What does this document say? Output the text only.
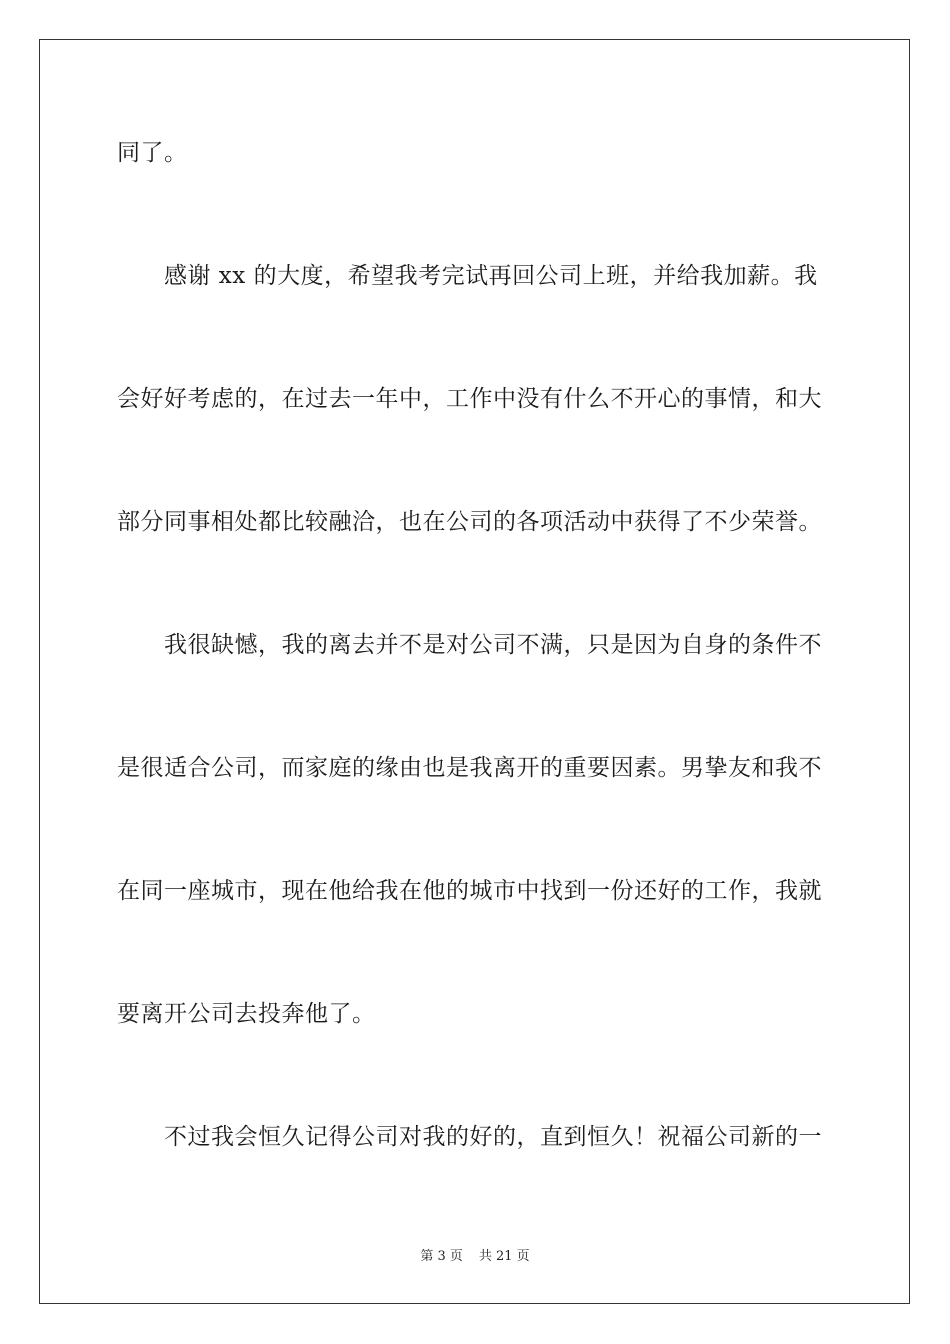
同了。
感谢 xx 的大度，希望我考完试再回公司上班，并给我加薪。我
会好好考虑的，在过去一年中，工作中没有什么不开心的事情，和大
部分同事相处都比较融洽，也在公司的各项活动中获得了不少荣誉。
我很缺憾，我的离去并不是对公司不满，只是因为自身的条件不
是很适合公司，而家庭的缘由也是我离开的重要因素。男挚友和我不
在同一座城市，现在他给我在他的城市中找到一份还好的工作，我就
要离开公司去投奔他了。
不过我会恒久记得公司对我的好的，直到恒久！祝福公司新的一
第 3 页 共 21 页
